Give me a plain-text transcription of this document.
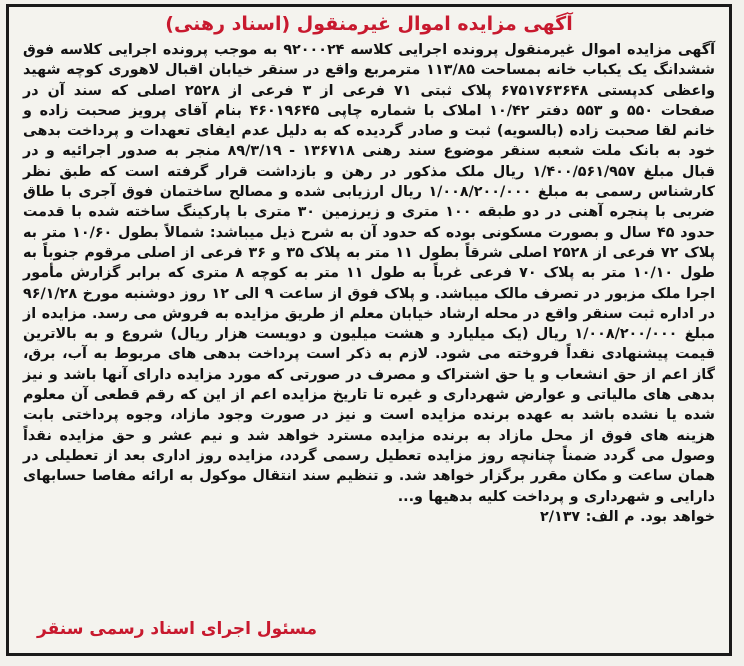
آگهی مزایده اموال غیرمنقول (اسناد رهنی)
آگهی مزایده اموال غیرمنقول پرونده اجرایی کلاسه ۹۲۰۰۰۲۴ به موجب پرونده اجرایی کلاسه فوق ششدانگ یک یکباب خانه بمساحت ۱۱۳/۸۵ مترمربع واقع در سنقر خیابان اقبال لاهوری کوچه شهید واعظی کدپستی ۶۷۵۱۷۶۳۶۴۸ پلاک ثبتی ۷۱ فرعی از ۳ فرعی از ۲۵۲۸ اصلی که سند آن در صفحات ۵۵۰ و ۵۵۳ دفتر ۱۰/۴۲ املاک با شماره چاپی ۴۶۰۱۹۶۴۵ بنام آقای پرویز صحبت زاده و خانم لقا صحبت زاده (بالسویه) ثبت و صادر گردیده که به دلیل عدم ایفای تعهدات و پرداخت بدهی خود به بانک ملت شعبه سنقر موضوع سند رهنی ۱۳۶۷۱۸ - ۸۹/۳/۱۹ منجر به صدور اجرائیه و در قبال مبلغ ۱/۴۰۰/۵۶۱/۹۵۷ ریال ملک مذکور در رهن و بازداشت قرار گرفته است که طبق نظر کارشناس رسمی به مبلغ ۱/۰۰۸/۲۰۰/۰۰۰ ریال ارزیابی شده و مصالح ساختمان فوق آجری با طاق ضربی با پنجره آهنی در دو طبقه ۱۰۰ متری و زیرزمین ۳۰ متری با پارکینگ ساخته شده با قدمت حدود ۴۵ سال و بصورت مسکونی بوده که حدود آن به شرح ذیل میباشد: شمالاً بطول ۱۰/۶۰ متر به پلاک ۷۲ فرعی از ۲۵۲۸ اصلی شرقاً بطول ۱۱ متر به پلاک ۳۵ و ۳۶ فرعی از اصلی مرقوم جنوباً به طول ۱۰/۱۰ متر به پلاک ۷۰ فرعی غرباً به طول ۱۱ متر به کوچه ۸ متری که برابر گزارش مأمور اجرا ملک مزبور در تصرف مالک میباشد. و پلاک فوق از ساعت ۹ الی ۱۲ روز دوشنبه مورخ ۹۶/۱/۲۸ در اداره ثبت سنقر واقع در محله ارشاد خیابان معلم از طریق مزایده به فروش می رسد. مزایده از مبلغ ۱/۰۰۸/۲۰۰/۰۰۰ ریال (یک میلیارد و هشت میلیون و دویست هزار ریال) شروع و به بالاترین قیمت پیشنهادی نقداً فروخته می شود. لازم به ذکر است پرداخت بدهی های مربوط به آب، برق، گاز اعم از حق انشعاب و یا حق اشتراک و مصرف در صورتی که مورد مزایده دارای آنها باشد و نیز بدهی های مالیاتی و عوارض شهرداری و غیره تا تاریخ مزایده اعم از این که رقم قطعی آن معلوم شده یا نشده باشد به عهده برنده مزایده است و نیز در صورت وجود مازاد، وجوه پرداختی بابت هزینه های فوق از محل مازاد به برنده مزایده مسترد خواهد شد و نیم عشر و حق مزایده نقداً وصول می گردد ضمناً چنانچه روز مزایده تعطیل رسمی گردد، مزایده روز اداری بعد از تعطیلی در همان ساعت و مکان مقرر برگزار خواهد شد. و تنظیم سند انتقال موکول به ارائه مفاصا حسابهای دارایی و شهرداری و پرداخت کلیه بدهیها و...
خواهد بود. م الف: ۲/۱۳۷
مسئول اجرای اسناد رسمی سنقر
